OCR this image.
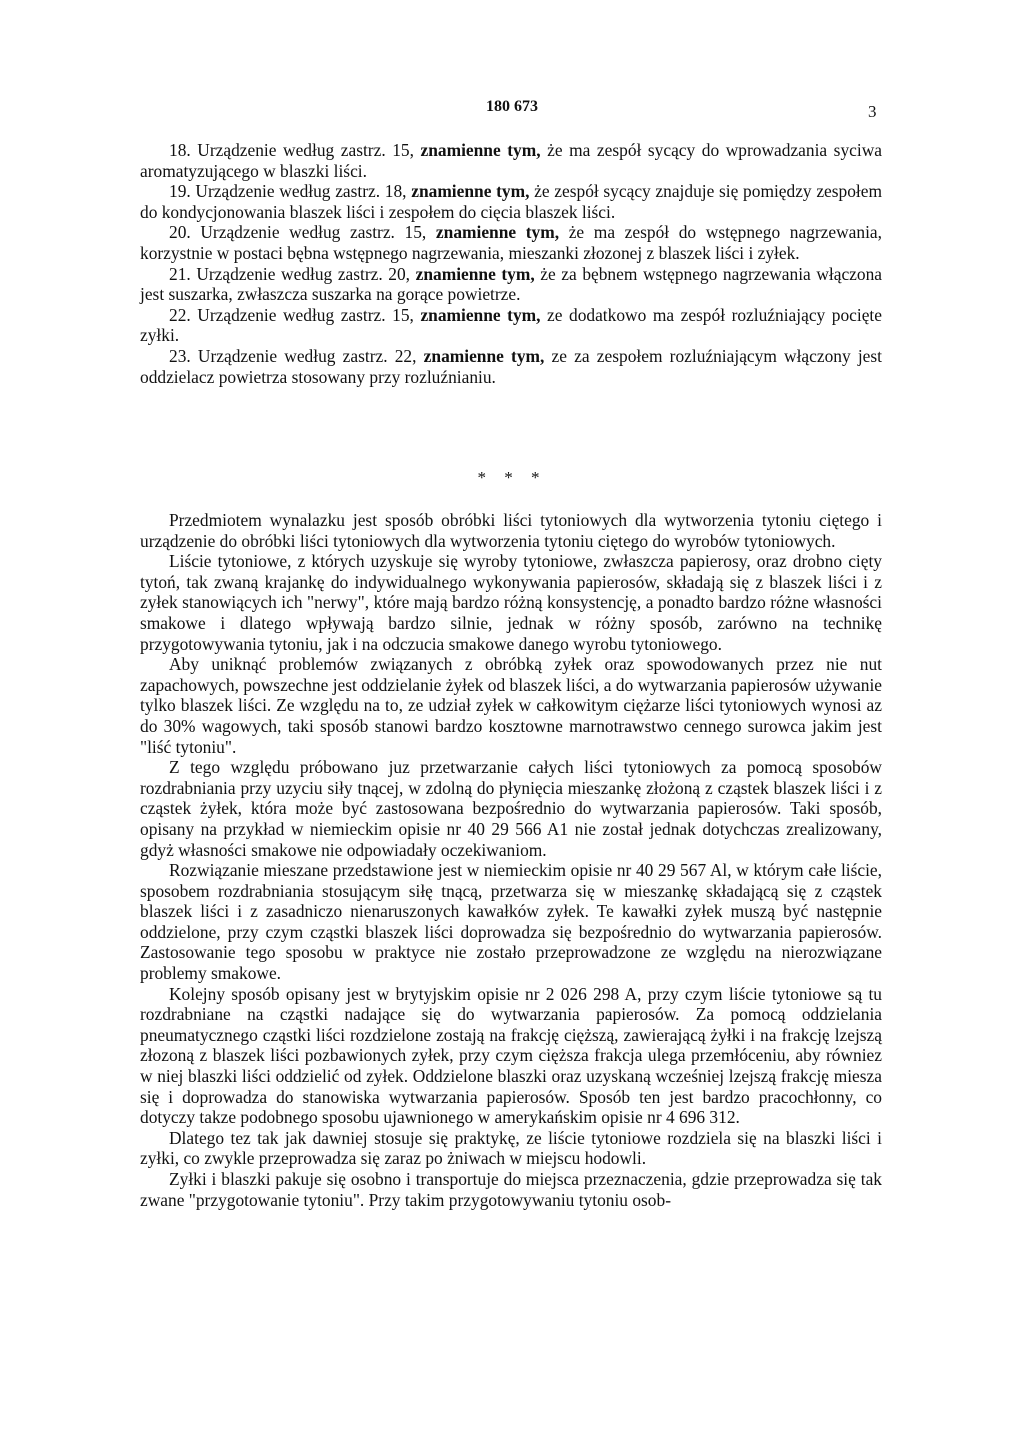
180 673	3

18. Urządzenie według zastrz. 15, znamienne tym, że ma zespół sycący do wprowadzania syciwa aromatyzującego w blaszki liści.

19. Urządzenie według zastrz. 18, znamienne tym, że zespół sycący znajduje się pomiędzy zespołem do kondycjonowania blaszek liści i zespołem do cięcia blaszek liści.

20. Urządzenie według zastrz. 15, znamienne tym, że ma zespół do wstępnego nagrzewania, korzystnie w postaci bębna wstępnego nagrzewania, mieszanki złozonej z blaszek liści i zyłek.

21. Urządzenie według zastrz. 20, znamienne tym, że za bębnem wstępnego nagrzewania włączona jest suszarka, zwłaszcza suszarka na gorące powietrze.

22. Urządzenie według zastrz. 15, znamienne tym, ze dodatkowo ma zespół rozluźniający pocięte zyłki.

23. Urządzenie według zastrz. 22, znamienne tym, ze za zespołem rozluźniającym włączony jest oddzielacz powietrza stosowany przy rozluźnianiu.

* * *

Przedmiotem wynalazku jest sposób obróbki liści tytoniowych dla wytworzenia tytoniu ciętego i urządzenie do obróbki liści tytoniowych dla wytworzenia tytoniu ciętego do wyrobów tytoniowych.

Liście tytoniowe, z których uzyskuje się wyroby tytoniowe, zwłaszcza papierosy, oraz drobno cięty tytoń, tak zwaną krajankę do indywidualnego wykonywania papierosów, składają się z blaszek liści i z zyłek stanowiących ich "nerwy", które mają bardzo różną konsystencję, a ponadto bardzo różne własności smakowe i dlatego wpływają bardzo silnie, jednak w różny sposób, zarówno na technikę przygotowywania tytoniu, jak i na odczucia smakowe danego wyrobu tytoniowego.

Aby uniknąć problemów związanych z obróbką zyłek oraz spowodowanych przez nie nut zapachowych, powszechne jest oddzielanie żyłek od blaszek liści, a do wytwarzania papierosów używanie tylko blaszek liści. Ze względu na to, ze udział zyłek w całkowitym ciężarze liści tytoniowych wynosi az do 30% wagowych, taki sposób stanowi bardzo kosztowne marnotrawstwo cennego surowca jakim jest "liść tytoniu".

Z tego względu próbowano juz przetwarzanie całych liści tytoniowych za pomocą sposobów rozdrabniania przy uzyciu siły tnącej, w zdolną do płynięcia mieszankę złożoną z cząstek blaszek liści i z cząstek żyłek, która może być zastosowana bezpośrednio do wytwarzania papierosów. Taki sposób, opisany na przykład w niemieckim opisie nr 40 29 566 A1 nie został jednak dotychczas zrealizowany, gdyż własności smakowe nie odpowiadały oczekiwaniom.

Rozwiązanie mieszane przedstawione jest w niemieckim opisie nr 40 29 567 Al, w którym całe liście, sposobem rozdrabniania stosującym siłę tnącą, przetwarza się w mieszankę składającą się z cząstek blaszek liści i z zasadniczo nienaruszonych kawałków zyłek. Te kawałki zyłek muszą być następnie oddzielone, przy czym cząstki blaszek liści doprowadza się bezpośrednio do wytwarzania papierosów. Zastosowanie tego sposobu w praktyce nie zostało przeprowadzone ze względu na nierozwiązane problemy smakowe.

Kolejny sposób opisany jest w brytyjskim opisie nr 2 026 298 A, przy czym liście tytoniowe są tu rozdrabniane na cząstki nadające się do wytwarzania papierosów. Za pomocą oddzielania pneumatycznego cząstki liści rozdzielone zostają na frakcję cięższą, zawierającą żyłki i na frakcję lzejszą złozoną z blaszek liści pozbawionych zyłek, przy czym cięższa frakcja ulega przemłóceniu, aby równiez w niej blaszki liści oddzielić od zyłek. Oddzielone blaszki oraz uzyskaną wcześniej lzejszą frakcję miesza się i doprowadza do stanowiska wytwarzania papierosów. Sposób ten jest bardzo pracochłonny, co dotyczy takze podobnego sposobu ujawnionego w amerykańskim opisie nr 4 696 312.

Dlatego tez tak jak dawniej stosuje się praktykę, ze liście tytoniowe rozdziela się na blaszki liści i zyłki, co zwykle przeprowadza się zaraz po żniwach w miejscu hodowli.

Zyłki i blaszki pakuje się osobno i transportuje do miejsca przeznaczenia, gdzie przeprowadza się tak zwane "przygotowanie tytoniu". Przy takim przygotowywaniu tytoniu osob-
